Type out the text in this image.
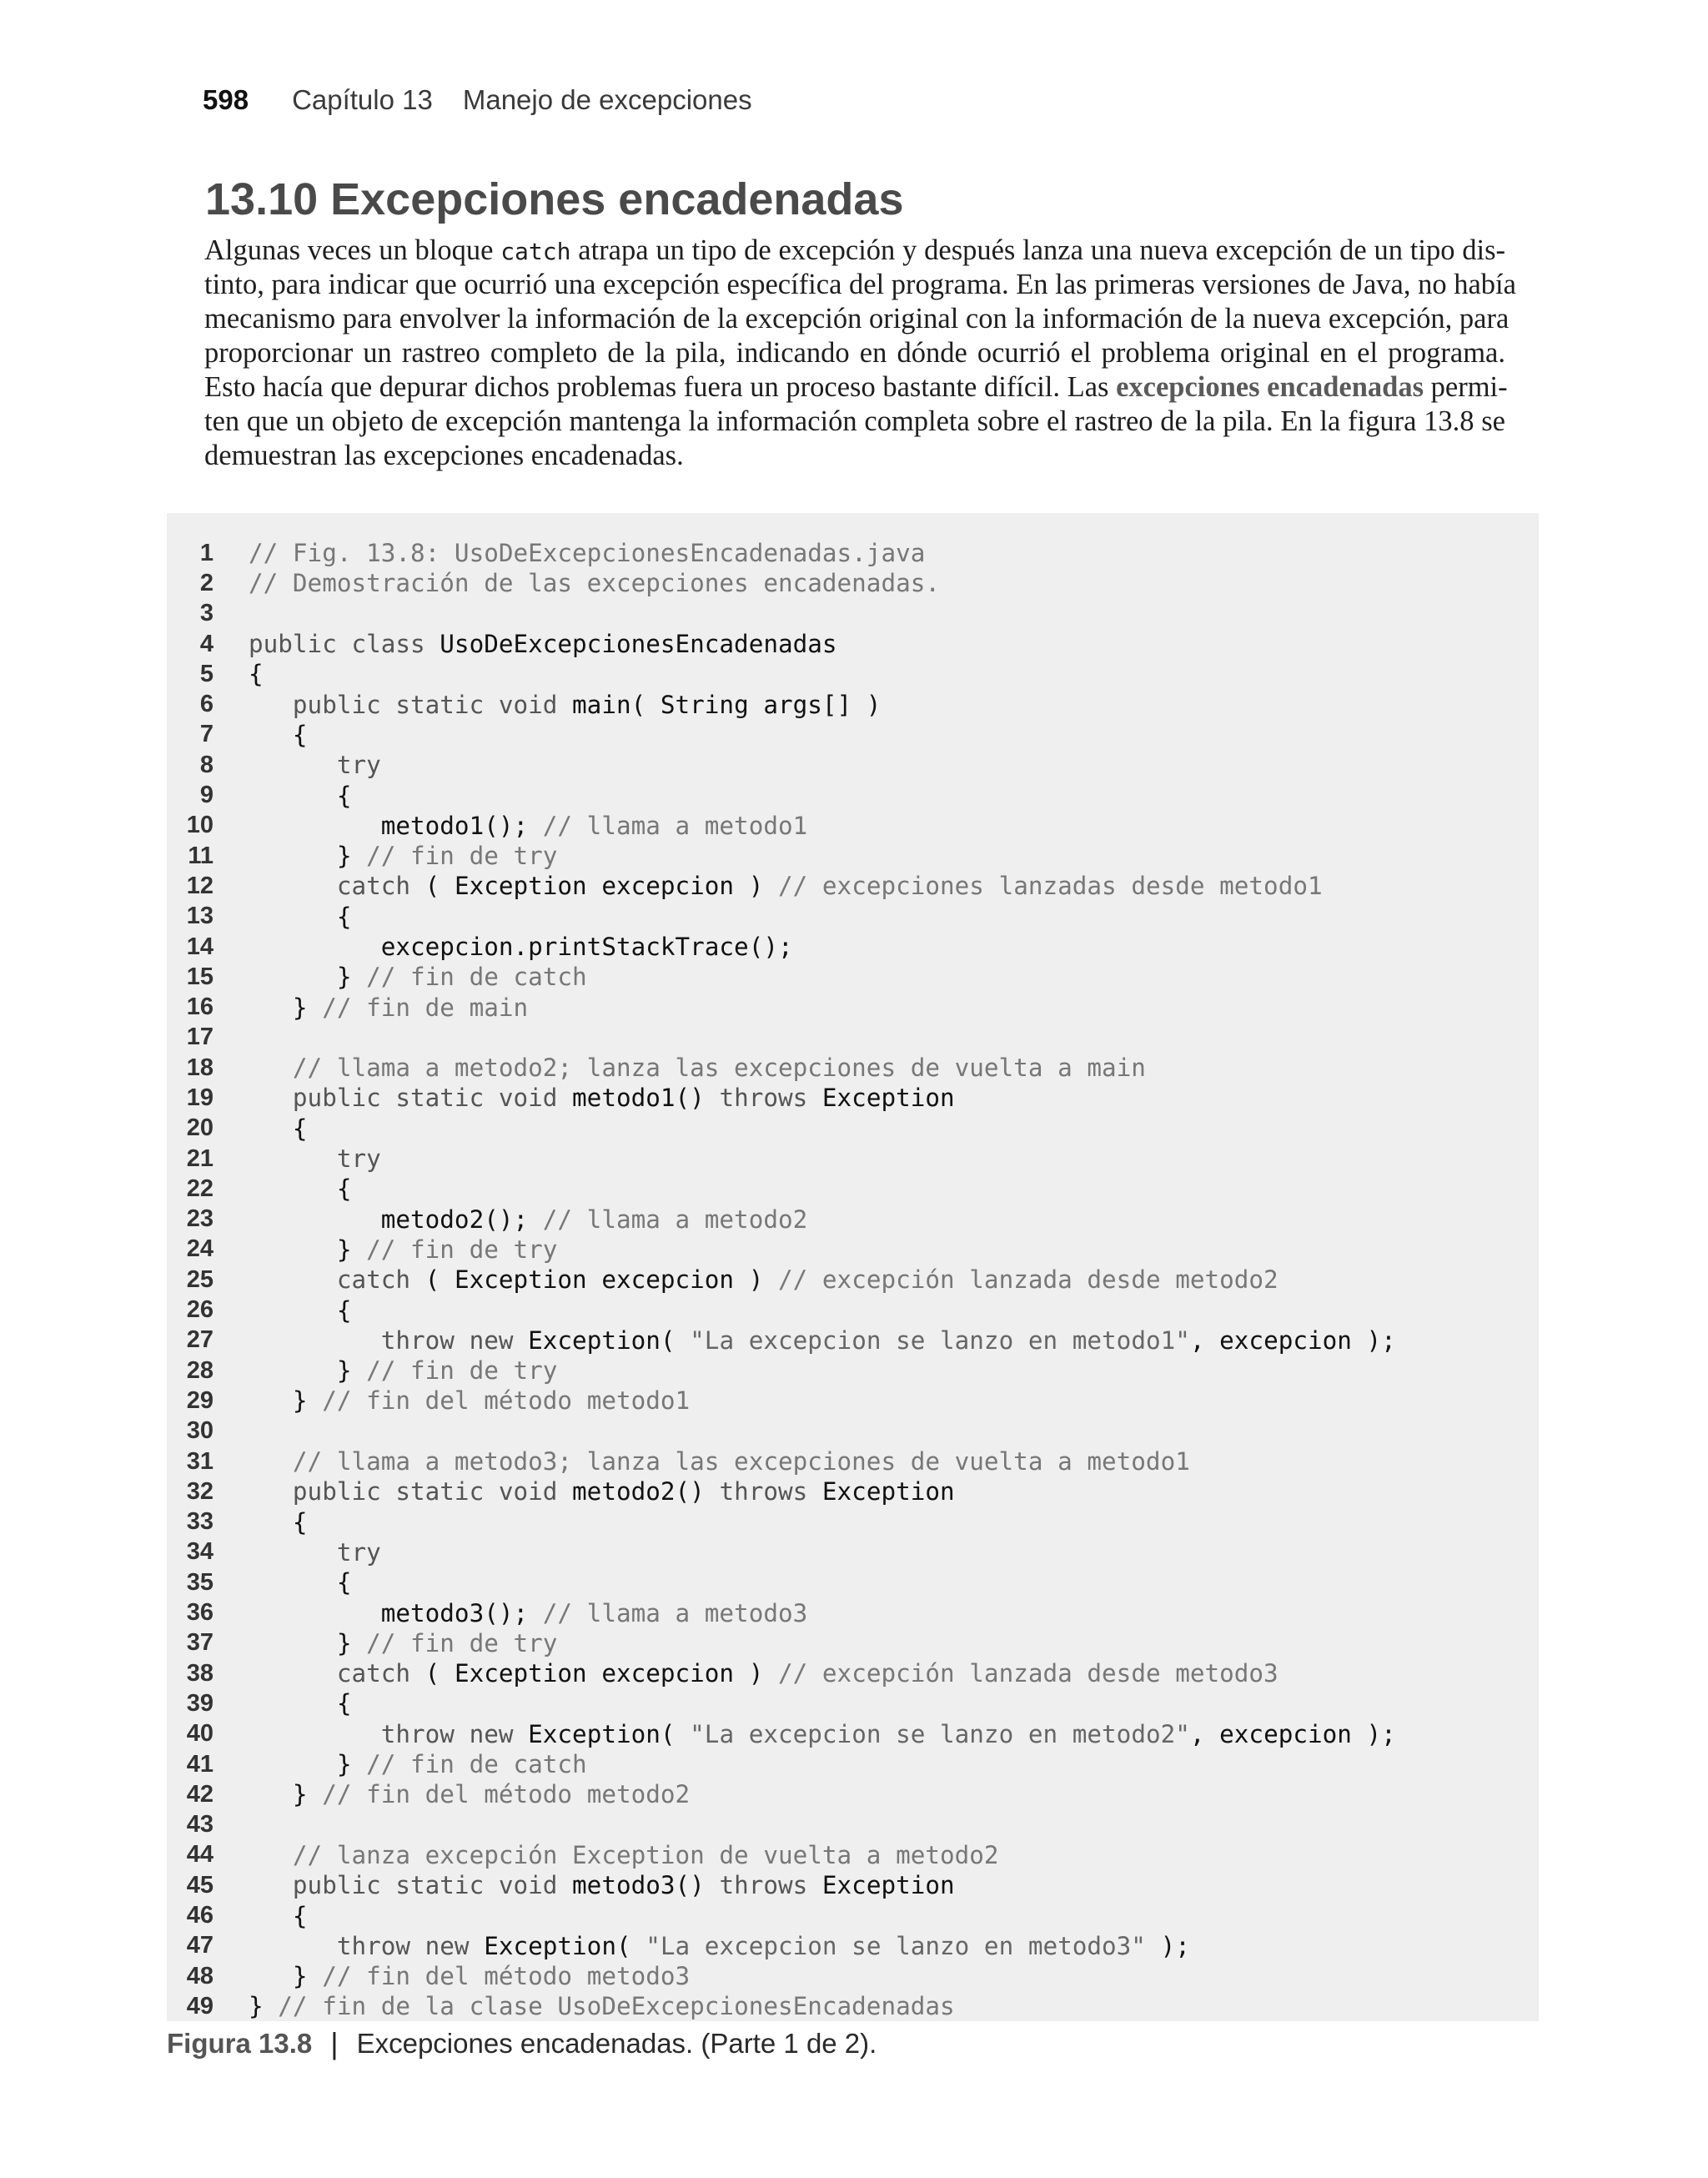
598 Capítulo 13 Manejo de excepciones
13.10 Excepciones encadenadas
Algunas veces un bloque catch atrapa un tipo de excepción y después lanza una nueva excepción de un tipo dis-
tinto, para indicar que ocurrió una excepción específica del programa. En las primeras versiones de Java, no había
mecanismo para envolver la información de la excepción original con la información de la nueva excepción, para
proporcionar un rastreo completo de la pila, indicando en dónde ocurrió el problema original en el programa.
Esto hacía que depurar dichos problemas fuera un proceso bastante difícil. Las excepciones encadenadas permi-
ten que un objeto de excepción mantenga la información completa sobre el rastreo de la pila. En la figura 13.8 se
demuestran las excepciones encadenadas.
1 // Fig. 13.8: UsoDeExcepcionesEncadenadas.java
2 // Demostración de las excepciones encadenadas.
3
4 public class UsoDeExcepcionesEncadenadas
5 {
6 public static void main( String args[] )
7 {
8 try
9 {
10 metodo1(); // llama a metodo1
11 } // fin de try
12 catch ( Exception excepcion ) // excepciones lanzadas desde metodo1
13 {
14 excepcion.printStackTrace();
15 } // fin de catch
16 } // fin de main
17
18 // llama a metodo2; lanza las excepciones de vuelta a main
19 public static void metodo1() throws Exception
20 {
21 try
22 {
23 metodo2(); // llama a metodo2
24 } // fin de try
25 catch ( Exception excepcion ) // excepción lanzada desde metodo2
26 {
27 throw new Exception( "La excepcion se lanzo en metodo1", excepcion );
28 } // fin de try
29 } // fin del método metodo1
30
31 // llama a metodo3; lanza las excepciones de vuelta a metodo1
32 public static void metodo2() throws Exception
33 {
34 try
35 {
36 metodo3(); // llama a metodo3
37 } // fin de try
38 catch ( Exception excepcion ) // excepción lanzada desde metodo3
39 {
40 throw new Exception( "La excepcion se lanzo en metodo2", excepcion );
41 } // fin de catch
42 } // fin del método metodo2
43
44 // lanza excepción Exception de vuelta a metodo2
45 public static void metodo3() throws Exception
46 {
47 throw new Exception( "La excepcion se lanzo en metodo3" );
48 } // fin del método metodo3
49 } // fin de la clase UsoDeExcepcionesEncadenadas
Figura 13.8 | Excepciones encadenadas. (Parte 1 de 2).
